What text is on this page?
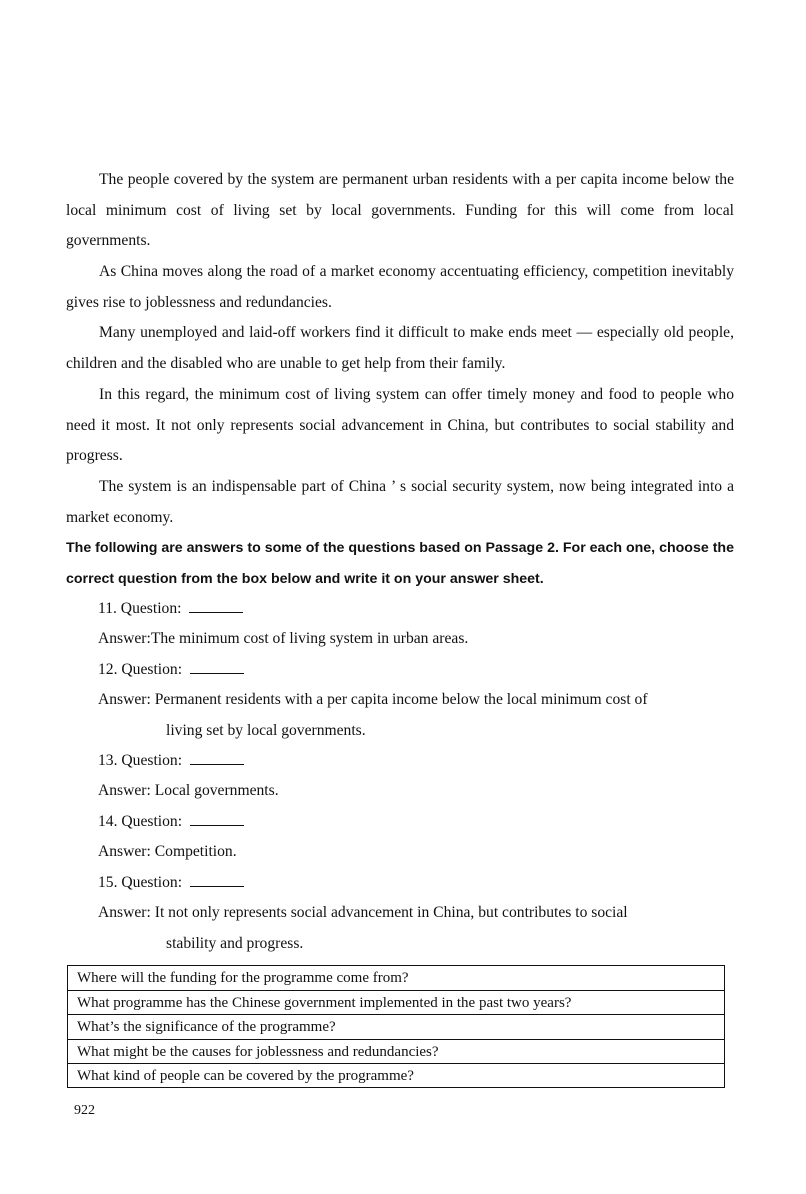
The people covered by the system are permanent urban residents with a per capita income below the local minimum cost of living set by local governments. Funding for this will come from local governments.

As China moves along the road of a market economy accentuating efficiency, competition inevitably gives rise to joblessness and redundancies.

Many unemployed and laid-off workers find it difficult to make ends meet — especially old people, children and the disabled who are unable to get help from their family.

In this regard, the minimum cost of living system can offer timely money and food to people who need it most. It not only represents social advancement in China, but contributes to social stability and progress.

The system is an indispensable part of China ’ s social security system, now being integrated into a market economy.

The following are answers to some of the questions based on Passage 2. For each one, choose the correct question from the box below and write it on your answer sheet.

11. Question:

Answer:The minimum cost of living system in urban areas.

12. Question:

Answer: Permanent residents with a per capita income below the local minimum cost of
living set by local governments.

13. Question:

Answer: Local governments.

14. Question:

Answer: Competition.

15. Question:

Answer: It not only represents social advancement in China, but contributes to social
stability and progress.

Where will the funding for the programme come from?
What programme has the Chinese government implemented in the past two years?
What’s the significance of the programme?
What might be the causes for joblessness and redundancies?
What kind of people can be covered by the programme?
922
